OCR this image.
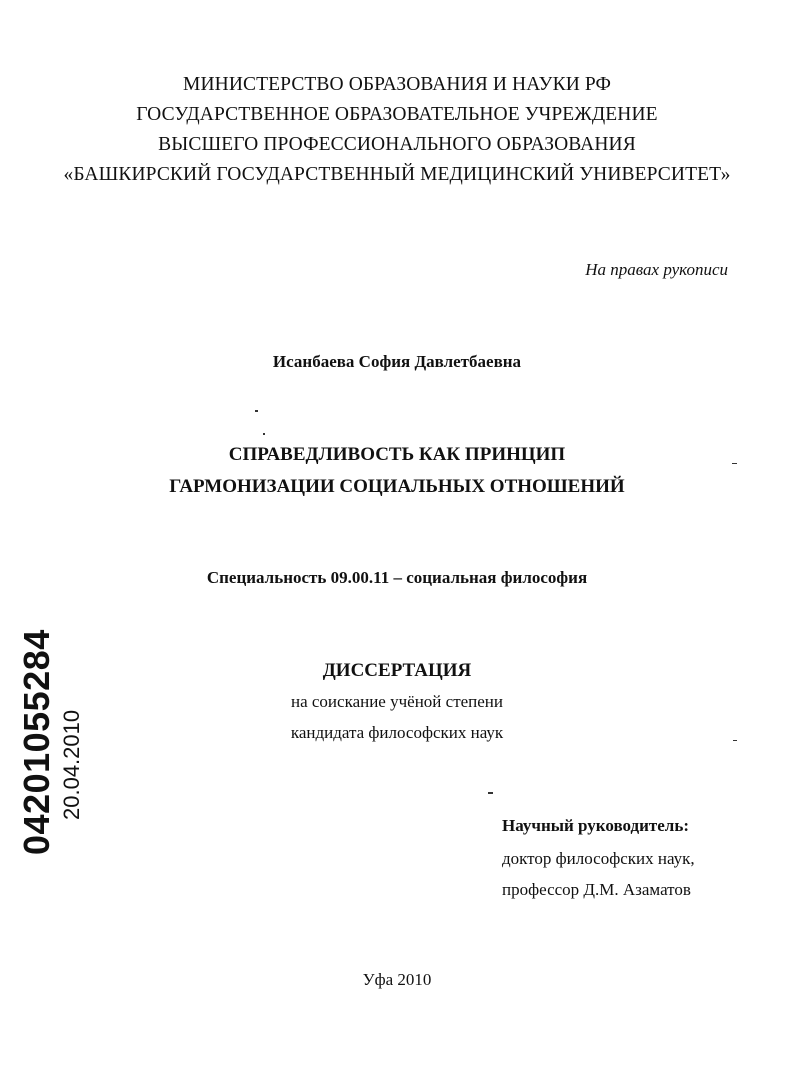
МИНИСТЕРСТВО ОБРАЗОВАНИЯ И НАУКИ РФ
ГОСУДАРСТВЕННОЕ ОБРАЗОВАТЕЛЬНОЕ УЧРЕЖДЕНИЕ
ВЫСШЕГО ПРОФЕССИОНАЛЬНОГО ОБРАЗОВАНИЯ
«БАШКИРСКИЙ ГОСУДАРСТВЕННЫЙ МЕДИЦИНСКИЙ УНИВЕРСИТЕТ»
На правах рукописи
Исанбаева София Давлетбаевна
СПРАВЕДЛИВОСТЬ КАК ПРИНЦИП
ГАРМОНИЗАЦИИ СОЦИАЛЬНЫХ ОТНОШЕНИЙ
Специальность 09.00.11 – социальная философия
ДИССЕРТАЦИЯ
на соискание учёной степени
кандидата философских наук
Научный руководитель:
доктор философских наук,
профессор Д.М. Азаматов
Уфа 2010
04201055284 20.04.2010
